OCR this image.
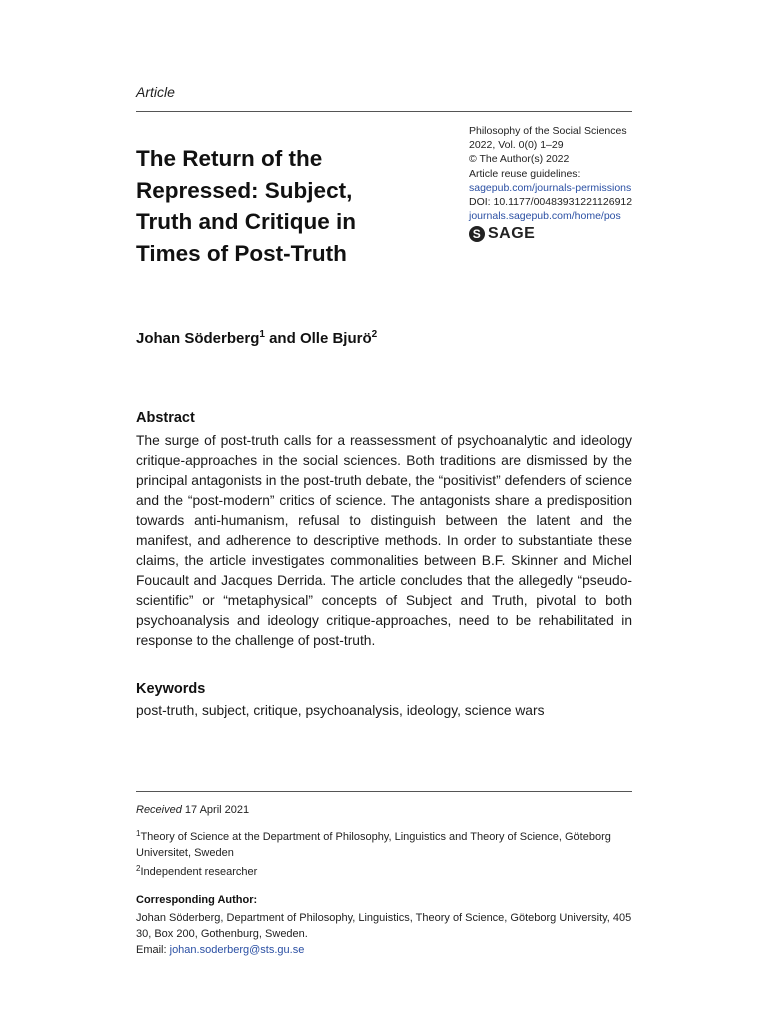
Article
Philosophy of the Social Sciences
2022, Vol. 0(0) 1–29
© The Author(s) 2022
Article reuse guidelines:
sagepub.com/journals-permissions
DOI: 10.1177/00483931221126912
journals.sagepub.com/home/pos
S
SAGE
The Return of the
Repressed: Subject,
Truth and Critique in
Times of Post-Truth
Johan Söderberg$^1$ and Olle Bjurö$^2$
Abstract

The surge of post-truth calls for a reassessment of psychoanalytic and ideology critique-approaches in the social sciences. Both traditions are dismissed by the principal antagonists in the post-truth debate, the “positivist” defenders of science and the “post-modern” critics of science. The antagonists share a predisposition towards anti-humanism, refusal to distinguish between the latent and the manifest, and adherence to descriptive methods. In order to substantiate these claims, the article investigates commonalities between B.F. Skinner and Michel Foucault and Jacques Derrida. The article concludes that the allegedly “pseudo-scientific” or “metaphysical” concepts of Subject and Truth, pivotal to both psychoanalysis and ideology critique-approaches, need to be rehabilitated in response to the challenge of post-truth.

Keywords
post-truth, subject, critique, psychoanalysis, ideology, science wars
Received 17 April 2021
$^1$Theory of Science at the Department of Philosophy, Linguistics and Theory of Science, Göteborg Universitet, Sweden
$^2$Independent researcher
Corresponding Author:
Johan Söderberg, Department of Philosophy, Linguistics, Theory of Science, Göteborg University, 405 30, Box 200, Gothenburg, Sweden.
Email: johan.soderberg@sts.gu.se
